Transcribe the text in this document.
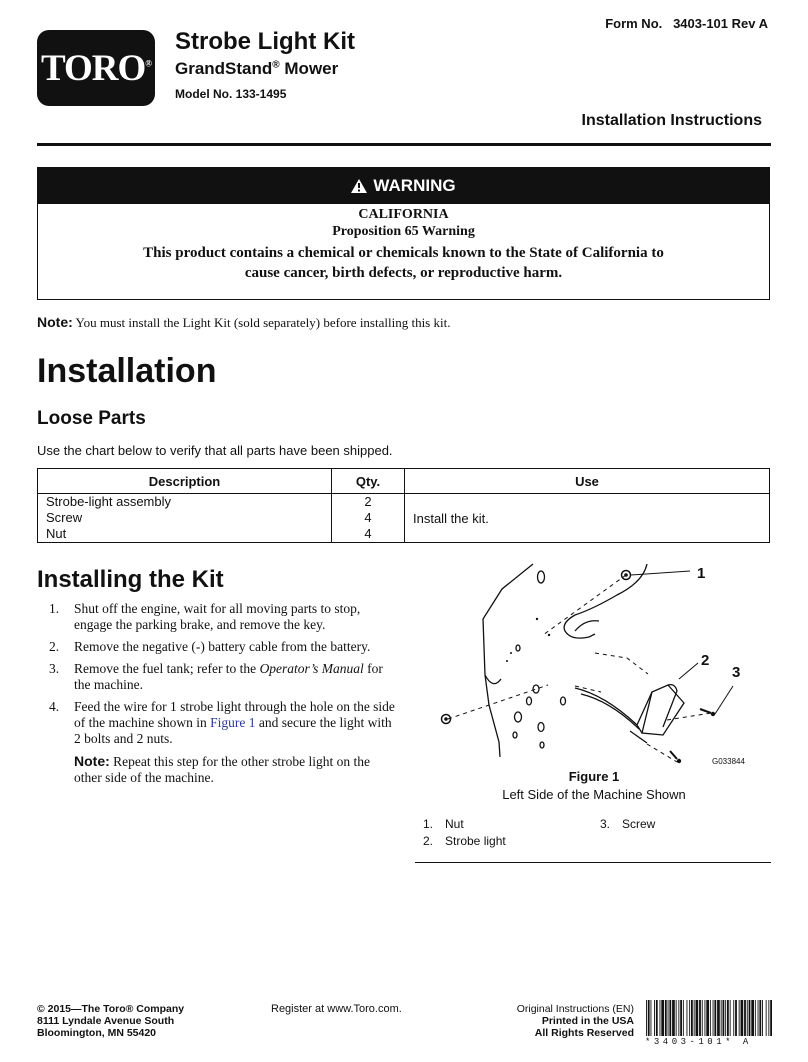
TORO®
Strobe Light Kit
GrandStand® Mower
Model No. 133-1495
Form No.   3403-101 Rev A
Installation Instructions
WARNING
CALIFORNIA
Proposition 65 Warning
This product contains a chemical or chemicals known to the State of California to
cause cancer, birth defects, or reproductive harm.
Note: You must install the Light Kit (sold separately) before installing this kit.
Installation
Loose Parts
Use the chart below to verify that all parts have been shipped.
Description	Qty.	Use
Strobe-light assembly	2	Install the kit.
Screw	4	
Nut	4	
Installing the Kit
1. Shut off the engine, wait for all moving parts to stop, engage the parking brake, and remove the key.
2. Remove the negative (-) battery cable from the battery.
3. Remove the fuel tank; refer to the Operator’s Manual for the machine.
4. Feed the wire for 1 strobe light through the hole on the side of the machine shown in Figure 1 and secure the light with 2 bolts and 2 nuts.
Note: Repeat this step for the other strobe light on the other side of the machine.
1
2
3
G033844
Figure 1
Left Side of the Machine Shown
1. Nut
2. Strobe light
3. Screw
© 2015—The Toro® Company
8111 Lyndale Avenue South
Bloomington, MN 55420
Register at www.Toro.com.	Original Instructions (EN)
Printed in the USA
All Rights Reserved
*3403-101* A
